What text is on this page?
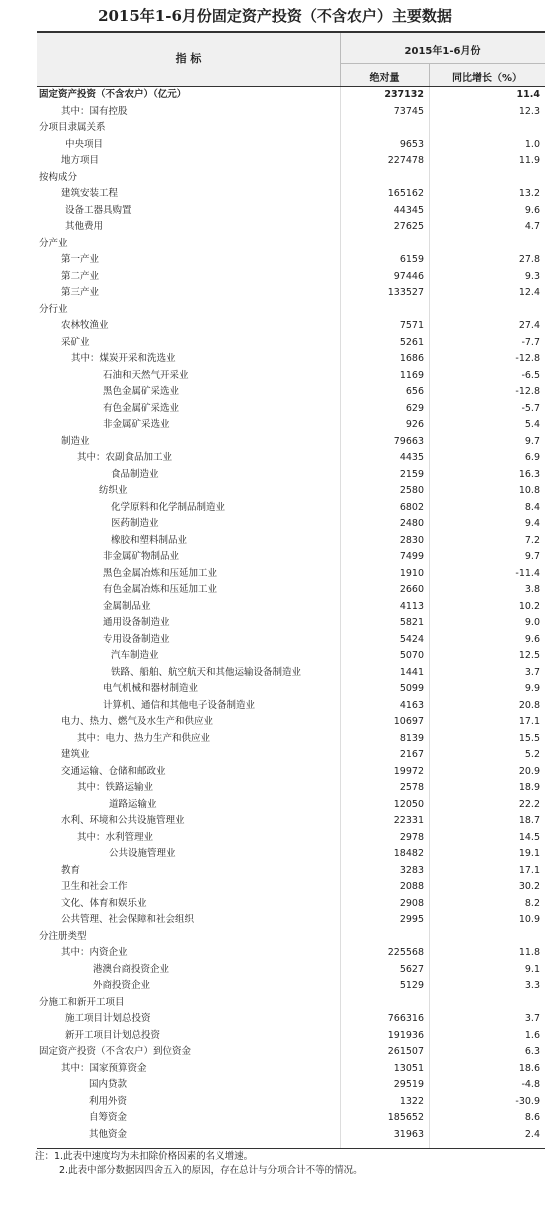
2015年1-6月份固定资产投资（不含农户）主要数据
指 标
2015年1-6月份
绝对量	同比增长（%）
固定资产投资（不含农户）（亿元）	237132	11.4
其中：国有控股	73745	12.3
分项目隶属关系
中央项目	9653	1.0
地方项目	227478	11.9
按构成分
建筑安装工程	165162	13.2
设备工器具购置	44345	9.6
其他费用	27625	4.7
分产业
第一产业	6159	27.8
第二产业	97446	9.3
第三产业	133527	12.4
分行业
农林牧渔业	7571	27.4
采矿业	5261	-7.7
其中：煤炭开采和洗选业	1686	-12.8
石油和天然气开采业	1169	-6.5
黑色金属矿采选业	656	-12.8
有色金属矿采选业	629	-5.7
非金属矿采选业	926	5.4
制造业	79663	9.7
其中：农副食品加工业	4435	6.9
食品制造业	2159	16.3
纺织业	2580	10.8
化学原料和化学制品制造业	6802	8.4
医药制造业	2480	9.4
橡胶和塑料制品业	2830	7.2
非金属矿物制品业	7499	9.7
黑色金属冶炼和压延加工业	1910	-11.4
有色金属冶炼和压延加工业	2660	3.8
金属制品业	4113	10.2
通用设备制造业	5821	9.0
专用设备制造业	5424	9.6
汽车制造业	5070	12.5
铁路、船舶、航空航天和其他运输设备制造业	1441	3.7
电气机械和器材制造业	5099	9.9
计算机、通信和其他电子设备制造业	4163	20.8
电力、热力、燃气及水生产和供应业	10697	17.1
其中：电力、热力生产和供应业	8139	15.5
建筑业	2167	5.2
交通运输、仓储和邮政业	19972	20.9
其中：铁路运输业	2578	18.9
道路运输业	12050	22.2
水利、环境和公共设施管理业	22331	18.7
其中：水利管理业	2978	14.5
公共设施管理业	18482	19.1
教育	3283	17.1
卫生和社会工作	2088	30.2
文化、体育和娱乐业	2908	8.2
公共管理、社会保障和社会组织	2995	10.9
分注册类型
其中：内资企业	225568	11.8
港澳台商投资企业	5627	9.1
外商投资企业	5129	3.3
分施工和新开工项目
施工项目计划总投资	766316	3.7
新开工项目计划总投资	191936	1.6
固定资产投资（不含农户）到位资金	261507	6.3
其中：国家预算资金	13051	18.6
国内贷款	29519	-4.8
利用外资	1322	-30.9
自筹资金	185652	8.6
其他资金	31963	2.4
注：1.此表中速度均为未扣除价格因素的名义增速。
2.此表中部分数据因四舍五入的原因，存在总计与分项合计不等的情况。
